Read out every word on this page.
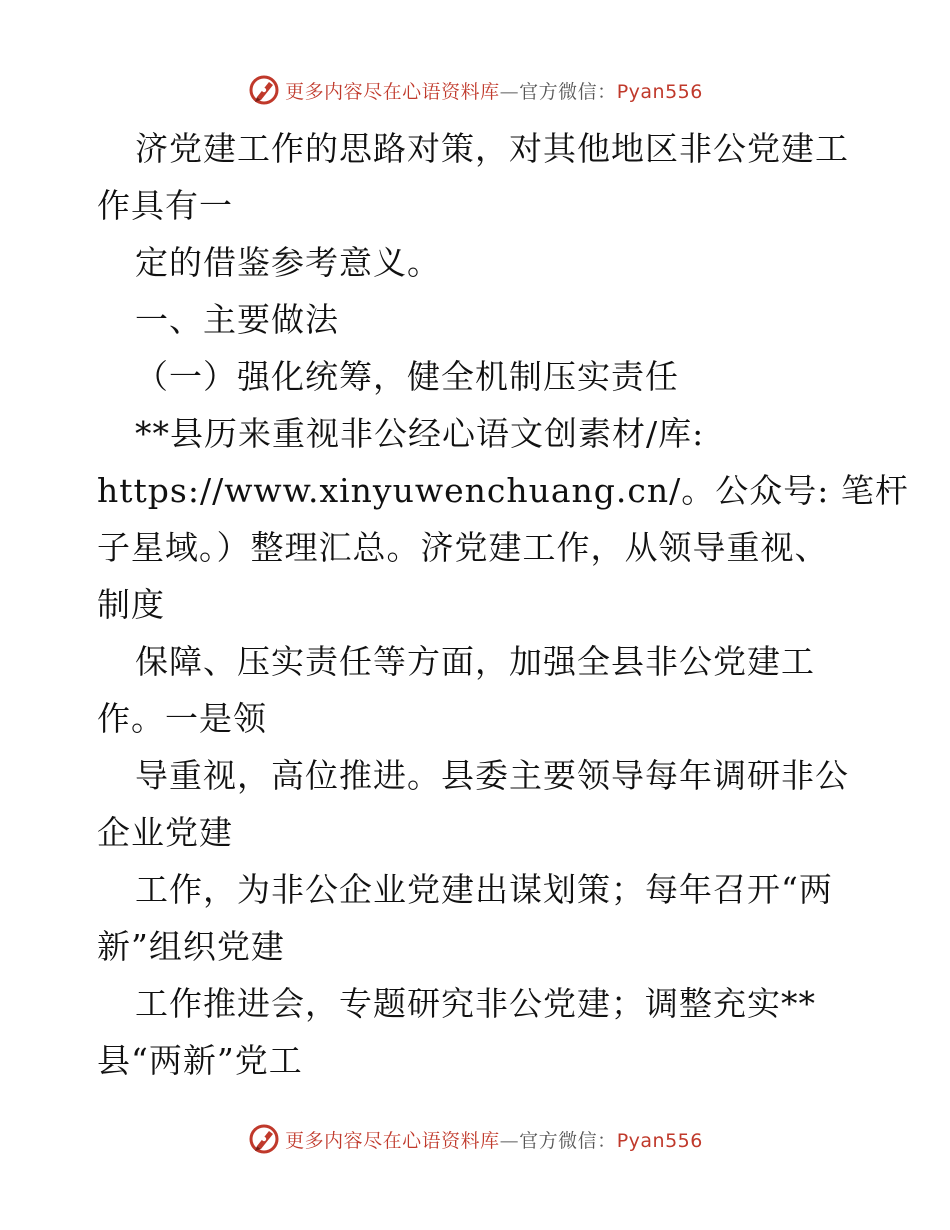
更多内容尽在心语资料库—官方微信：Pyan556
济党建工作的思路对策，对其他地区非公党建工
作具有一
定的借鉴参考意义。
一、主要做法
（一）强化统筹，健全机制压实责任
**县历来重视非公经心语文创素材/库:
https://www.xinyuwenchuang.cn/。公众号: 笔杆
子星域。）整理汇总。济党建工作，从领导重视、
制度
保障、压实责任等方面，加强全县非公党建工
作。一是领
导重视，高位推进。县委主要领导每年调研非公
企业党建
工作，为非公企业党建出谋划策；每年召开“两
新”组织党建
工作推进会，专题研究非公党建；调整充实**
县“两新”党工
更多内容尽在心语资料库—官方微信：Pyan556
